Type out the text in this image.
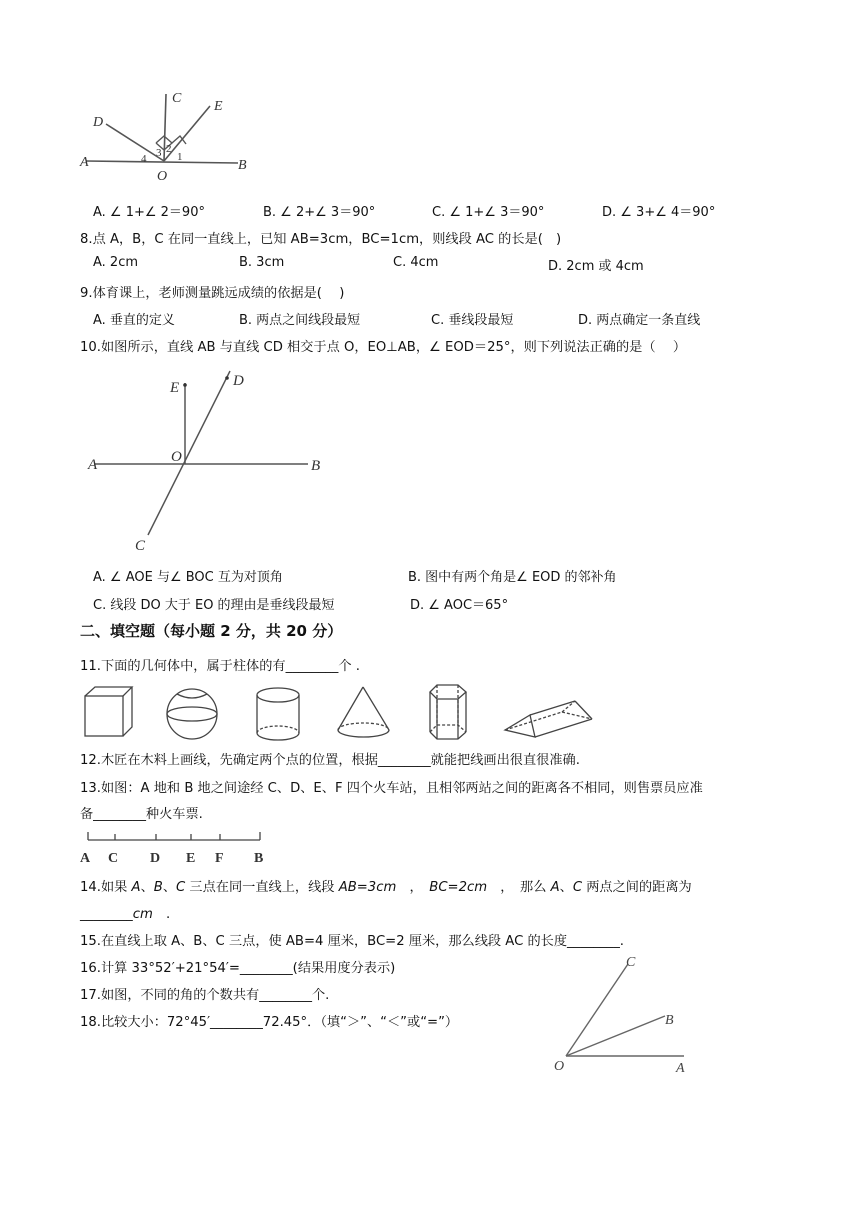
D
C
E
A	B
O
4 3 2
1
A. ∠ 1+∠ 2＝90°	B. ∠ 2+∠ 3＝90°	C. ∠ 1+∠ 3＝90°	D. ∠ 3+∠ 4＝90°
8.点 A，B，C 在同一直线上，已知 AB=3cm，BC=1cm，则线段 AC 的长是(　)
A. 2cm	B. 3cm	C. 4cm	D. 2cm 或 4cm
9.体育课上，老师测量跳远成绩的依据是(　 )
A. 垂直的定义	B. 两点之间线段最短	C. 垂线段最短	D. 两点确定一条直线
10.如图所示，直线 AB 与直线 CD 相交于点 O，EO⊥AB，∠ EOD＝25°，则下列说法正确的是（　 ）
E	D
O
A	B
C
A. ∠ AOE 与∠ BOC 互为对顶角	B. 图中有两个角是∠ EOD 的邻补角
C. 线段 DO 大于 EO 的理由是垂线段最短	D. ∠ AOC＝65°
二、填空题（每小题 2 分，共 20 分）
11.下面的几何体中，属于柱体的有________个 .
12.木匠在木料上画线，先确定两个点的位置，根据________就能把线画出很直很准确.
13.如图：A 地和 B 地之间途经 C、D、E、F 四个火车站，且相邻两站之间的距离各不相同，则售票员应准
备________种火车票.
A C D E F B
14.如果 A、B、C 三点在同一直线上，线段 AB=3cm　，　BC=2cm　，　那么 A、C 两点之间的距离为
________cm　.
15.在直线上取 A、B、C 三点，使 AB=4 厘米，BC=2 厘米，那么线段 AC 的长度________.
16.计算 33°52′+21°54′=________(结果用度分表示)
17.如图，不同的角的个数共有________个.
18.比较大小：72°45′________72.45°．（填“＞”、“＜”或“=”）
O	A
B
C
